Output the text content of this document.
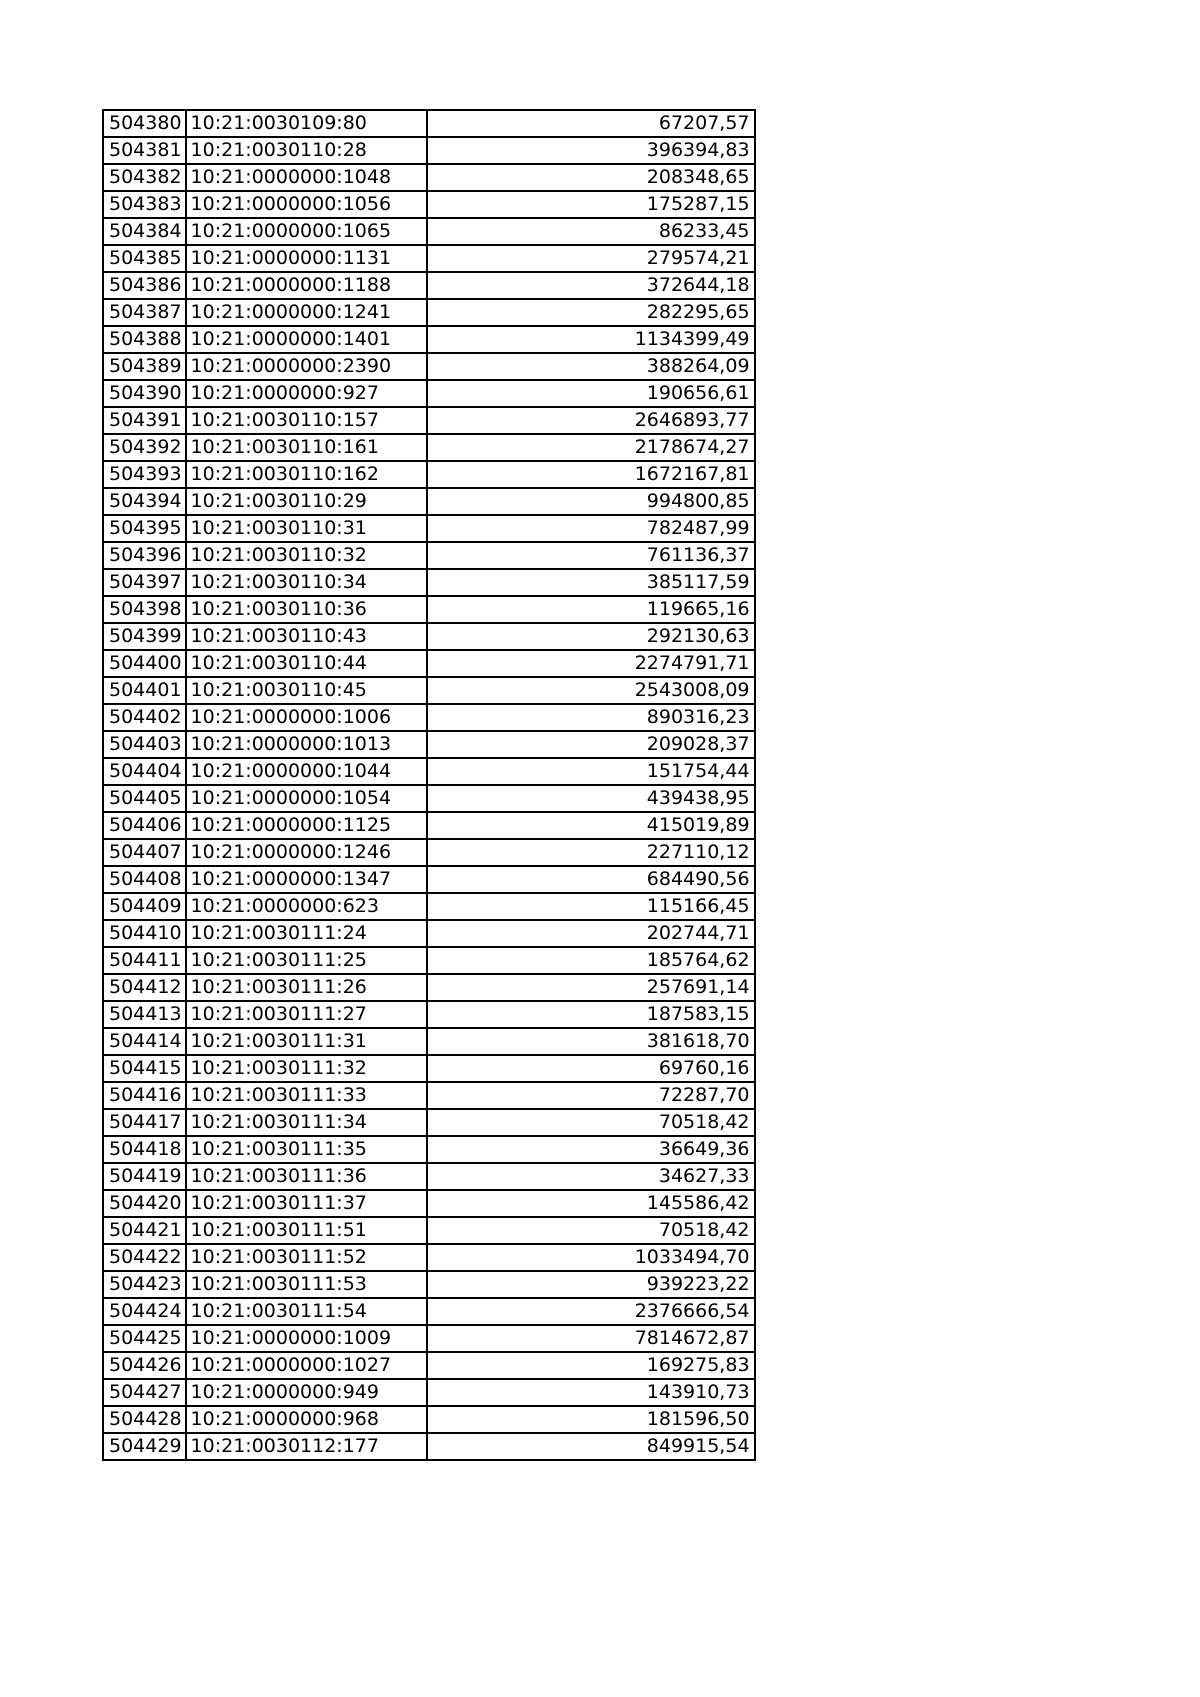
504380	10:21:0030109:80	67207,57
504381	10:21:0030110:28	396394,83
504382	10:21:0000000:1048	208348,65
504383	10:21:0000000:1056	175287,15
504384	10:21:0000000:1065	86233,45
504385	10:21:0000000:1131	279574,21
504386	10:21:0000000:1188	372644,18
504387	10:21:0000000:1241	282295,65
504388	10:21:0000000:1401	1134399,49
504389	10:21:0000000:2390	388264,09
504390	10:21:0000000:927	190656,61
504391	10:21:0030110:157	2646893,77
504392	10:21:0030110:161	2178674,27
504393	10:21:0030110:162	1672167,81
504394	10:21:0030110:29	994800,85
504395	10:21:0030110:31	782487,99
504396	10:21:0030110:32	761136,37
504397	10:21:0030110:34	385117,59
504398	10:21:0030110:36	119665,16
504399	10:21:0030110:43	292130,63
504400	10:21:0030110:44	2274791,71
504401	10:21:0030110:45	2543008,09
504402	10:21:0000000:1006	890316,23
504403	10:21:0000000:1013	209028,37
504404	10:21:0000000:1044	151754,44
504405	10:21:0000000:1054	439438,95
504406	10:21:0000000:1125	415019,89
504407	10:21:0000000:1246	227110,12
504408	10:21:0000000:1347	684490,56
504409	10:21:0000000:623	115166,45
504410	10:21:0030111:24	202744,71
504411	10:21:0030111:25	185764,62
504412	10:21:0030111:26	257691,14
504413	10:21:0030111:27	187583,15
504414	10:21:0030111:31	381618,70
504415	10:21:0030111:32	69760,16
504416	10:21:0030111:33	72287,70
504417	10:21:0030111:34	70518,42
504418	10:21:0030111:35	36649,36
504419	10:21:0030111:36	34627,33
504420	10:21:0030111:37	145586,42
504421	10:21:0030111:51	70518,42
504422	10:21:0030111:52	1033494,70
504423	10:21:0030111:53	939223,22
504424	10:21:0030111:54	2376666,54
504425	10:21:0000000:1009	7814672,87
504426	10:21:0000000:1027	169275,83
504427	10:21:0000000:949	143910,73
504428	10:21:0000000:968	181596,50
504429	10:21:0030112:177	849915,54
